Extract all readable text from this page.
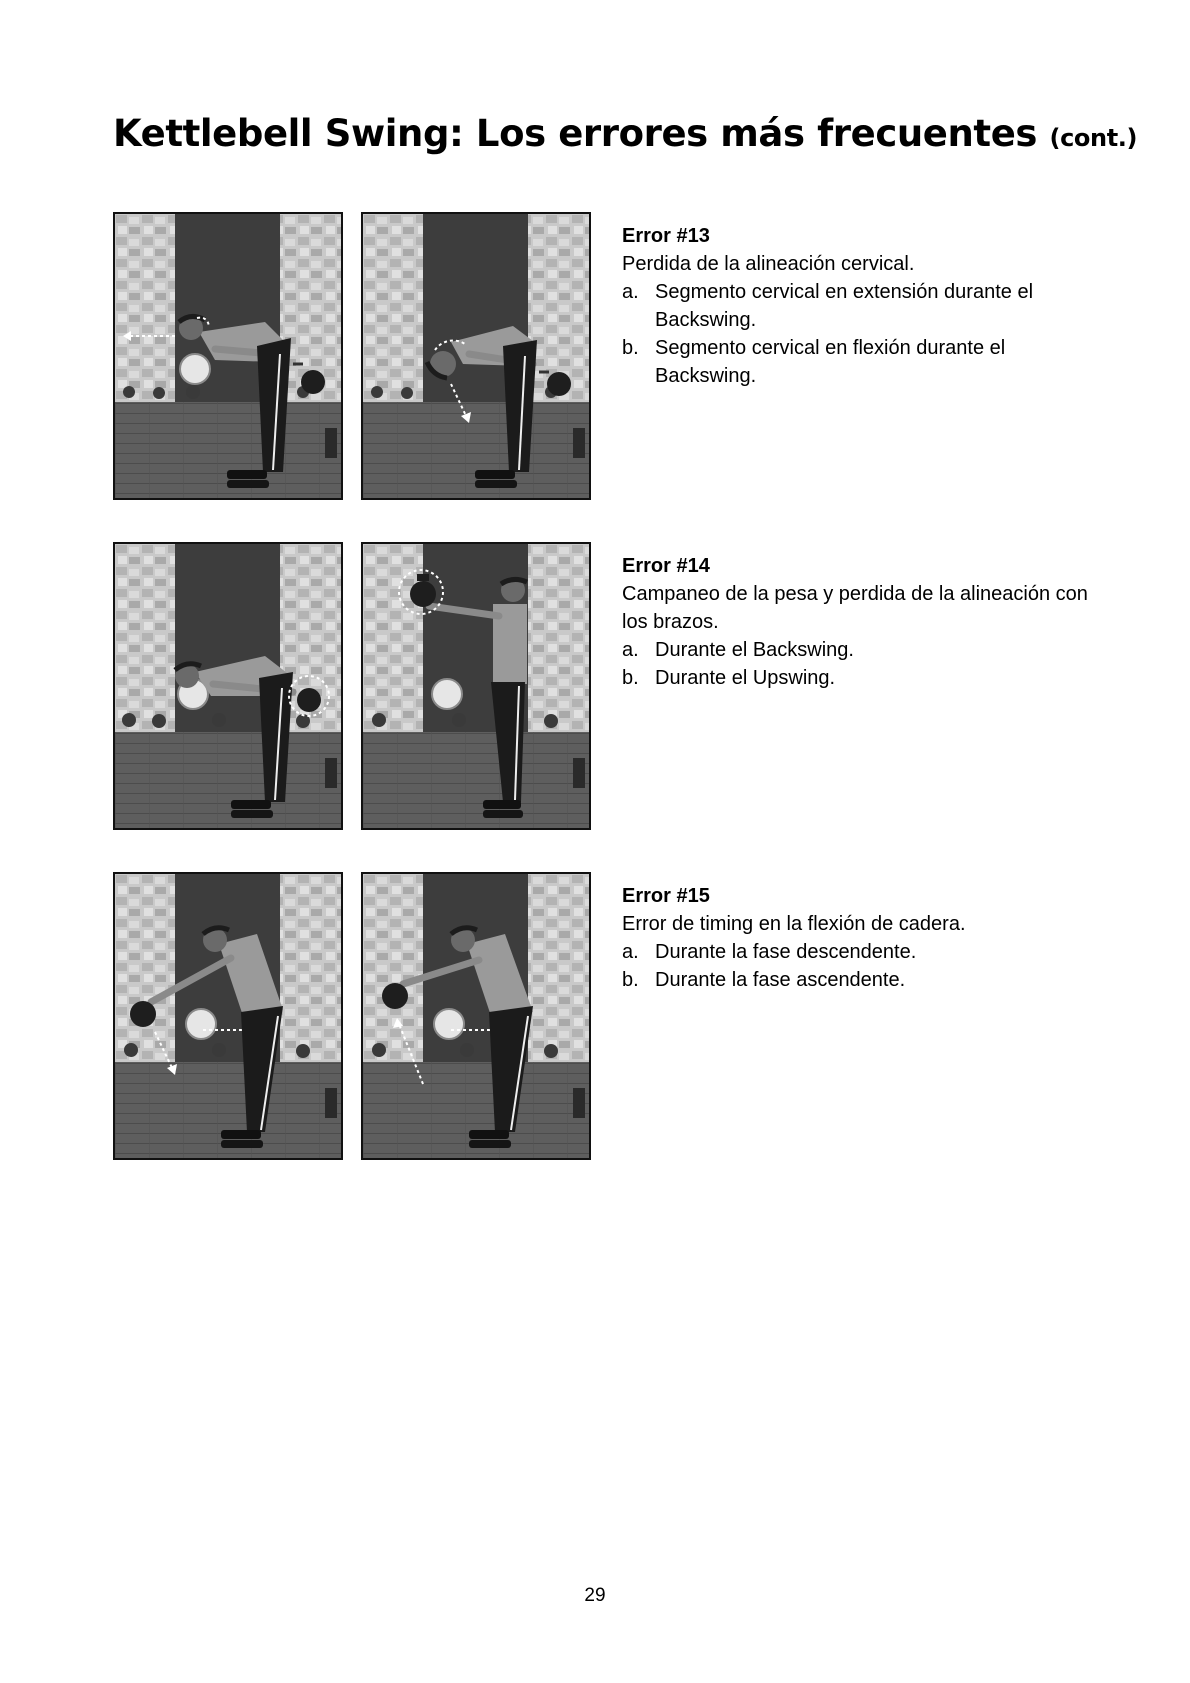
Kettlebell Swing: Los errores más frecuentes (cont.)

Error #13

Perdida de la alineación cervical.

a. Segmento cervical en extensión durante el Backswing.
b. Segmento cervical en flexión durante el Backswing.

Error #14

Campaneo de la pesa y perdida de la alineación con los brazos.

a. Durante el Backswing.
b. Durante el Upswing.

Error #15

Error de timing en la flexión de cadera.

a. Durante la fase descendente.
b. Durante la fase ascendente.
29
